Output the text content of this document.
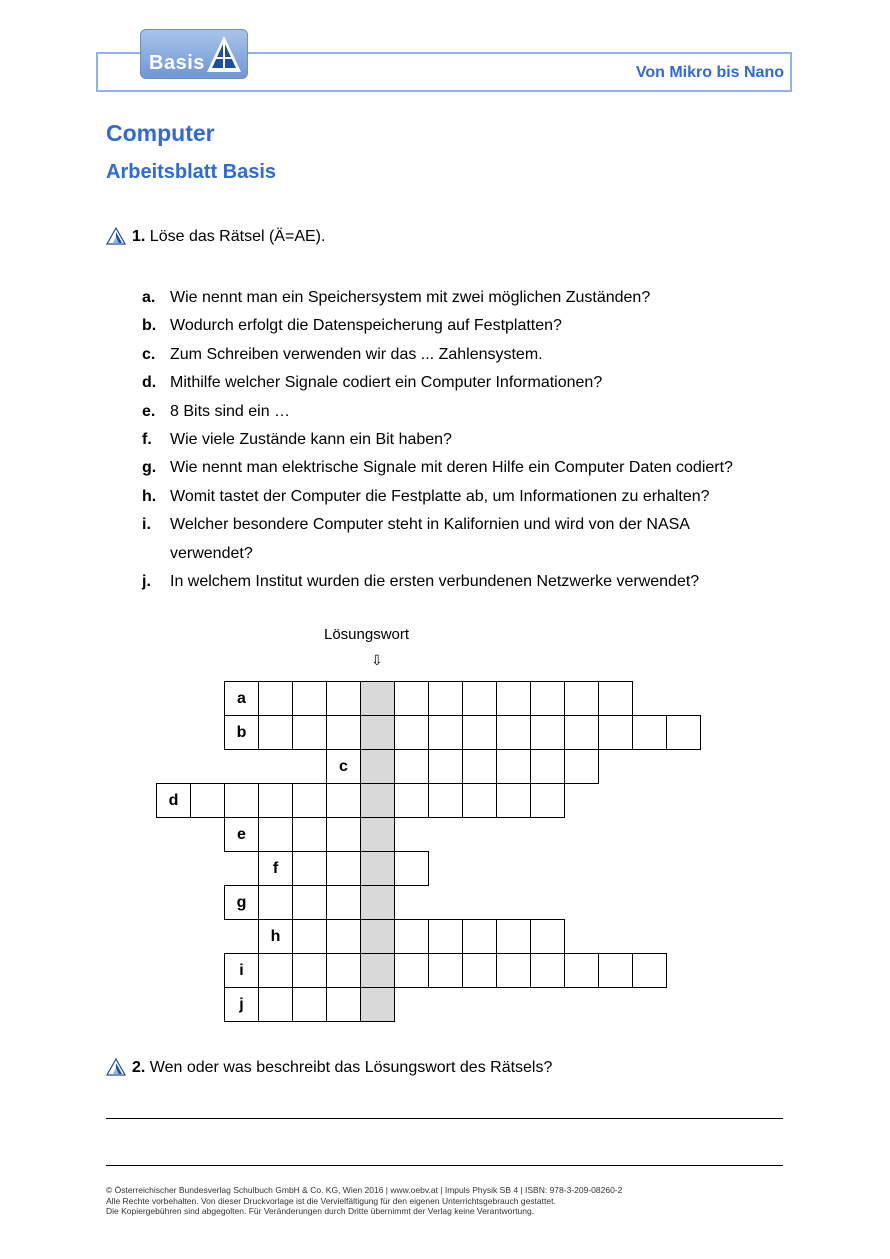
Basis	Von Mikro bis Nano
Computer
Arbeitsblatt Basis
1. Löse das Rätsel (Ä=AE).
a. Wie nennt man ein Speichersystem mit zwei möglichen Zuständen?
b. Wodurch erfolgt die Datenspeicherung auf Festplatten?
c. Zum Schreiben verwenden wir das ... Zahlensystem.
d. Mithilfe welcher Signale codiert ein Computer Informationen?
e. 8 Bits sind ein …
f.	Wie viele Zustände kann ein Bit haben?
g. Wie nennt man elektrische Signale mit deren Hilfe ein Computer Daten codiert?
h. Womit tastet der Computer die Festplatte ab, um Informationen zu erhalten?
i.	Welcher besondere Computer steht in Kalifornien und wird von der NASA verwendet?
j.	In welchem Institut wurden die ersten verbundenen Netzwerke verwendet?
Lösungswort
⇩
a
b
c
d
e
f
g
h
i
j
2. Wen oder was beschreibt das Lösungswort des Rätsels?
© Österreichischer Bundesverlag Schulbuch GmbH & Co. KG, Wien 2016 | www.oebv.at | Impuls Physik SB 4 | ISBN: 978-3-209-08260-2
Alle Rechte vorbehalten. Von dieser Druckvorlage ist die Vervielfältigung für den eigenen Unterrichtsgebrauch gestattet.
Die Kopiergebühren sind abgegolten. Für Veränderungen durch Dritte übernimmt der Verlag keine Verantwortung.
